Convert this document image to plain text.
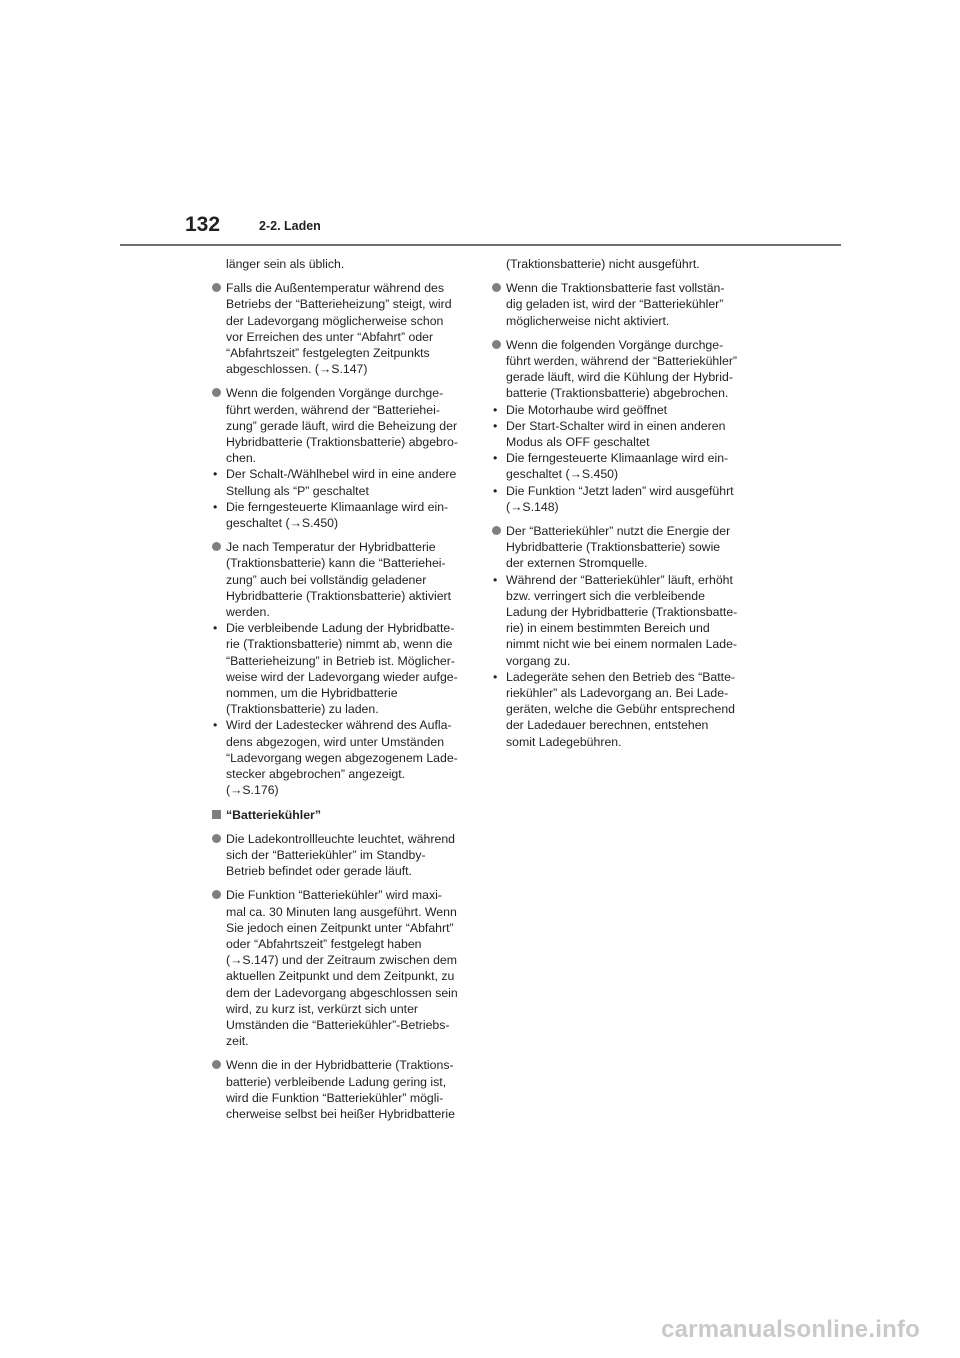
132	2-2. Laden
länger sein als üblich.
Falls die Außentemperatur während des
Betriebs der “Batterieheizung” steigt, wird
der Ladevorgang möglicherweise schon
vor Erreichen des unter “Abfahrt” oder
“Abfahrtszeit” festgelegten Zeitpunkts
abgeschlossen. (→S.147)
Wenn die folgenden Vorgänge durchge-
führt werden, während der “Batteriehei-
zung” gerade läuft, wird die Beheizung der
Hybridbatterie (Traktionsbatterie) abgebro-
chen.
• Der Schalt-/Wählhebel wird in eine andere
Stellung als “P” geschaltet
• Die ferngesteuerte Klimaanlage wird ein-
geschaltet (→S.450)
Je nach Temperatur der Hybridbatterie
(Traktionsbatterie) kann die “Batteriehei-
zung” auch bei vollständig geladener
Hybridbatterie (Traktionsbatterie) aktiviert
werden.
• Die verbleibende Ladung der Hybridbatte-
rie (Traktionsbatterie) nimmt ab, wenn die
“Batterieheizung” in Betrieb ist. Möglicher-
weise wird der Ladevorgang wieder aufge-
nommen, um die Hybridbatterie
(Traktionsbatterie) zu laden.
• Wird der Ladestecker während des Aufla-
dens abgezogen, wird unter Umständen
“Ladevorgang wegen abgezogenem Lade-
stecker abgebrochen” angezeigt.
(→S.176)
“Batteriekühler”
Die Ladekontrollleuchte leuchtet, während
sich der “Batteriekühler” im Standby-
Betrieb befindet oder gerade läuft.
Die Funktion “Batteriekühler” wird maxi-
mal ca. 30 Minuten lang ausgeführt. Wenn
Sie jedoch einen Zeitpunkt unter “Abfahrt”
oder “Abfahrtszeit” festgelegt haben
(→S.147) und der Zeitraum zwischen dem
aktuellen Zeitpunkt und dem Zeitpunkt, zu
dem der Ladevorgang abgeschlossen sein
wird, zu kurz ist, verkürzt sich unter
Umständen die “Batteriekühler”-Betriebs-
zeit.
Wenn die in der Hybridbatterie (Traktions-
batterie) verbleibende Ladung gering ist,
wird die Funktion “Batteriekühler” mögli-
cherweise selbst bei heißer Hybridbatterie
(Traktionsbatterie) nicht ausgeführt.
Wenn die Traktionsbatterie fast vollstän-
dig geladen ist, wird der “Batteriekühler”
möglicherweise nicht aktiviert.
Wenn die folgenden Vorgänge durchge-
führt werden, während der “Batteriekühler”
gerade läuft, wird die Kühlung der Hybrid-
batterie (Traktionsbatterie) abgebrochen.
• Die Motorhaube wird geöffnet
• Der Start-Schalter wird in einen anderen
Modus als OFF geschaltet
• Die ferngesteuerte Klimaanlage wird ein-
geschaltet (→S.450)
• Die Funktion “Jetzt laden” wird ausgeführt
(→S.148)
Der “Batteriekühler” nutzt die Energie der
Hybridbatterie (Traktionsbatterie) sowie
der externen Stromquelle.
• Während der “Batteriekühler” läuft, erhöht
bzw. verringert sich die verbleibende
Ladung der Hybridbatterie (Traktionsbatte-
rie) in einem bestimmten Bereich und
nimmt nicht wie bei einem normalen Lade-
vorgang zu.
• Ladegeräte sehen den Betrieb des “Batte-
riekühler” als Ladevorgang an. Bei Lade-
geräten, welche die Gebühr entsprechend
der Ladedauer berechnen, entstehen
somit Ladegebühren.
carmanualsonline.info
